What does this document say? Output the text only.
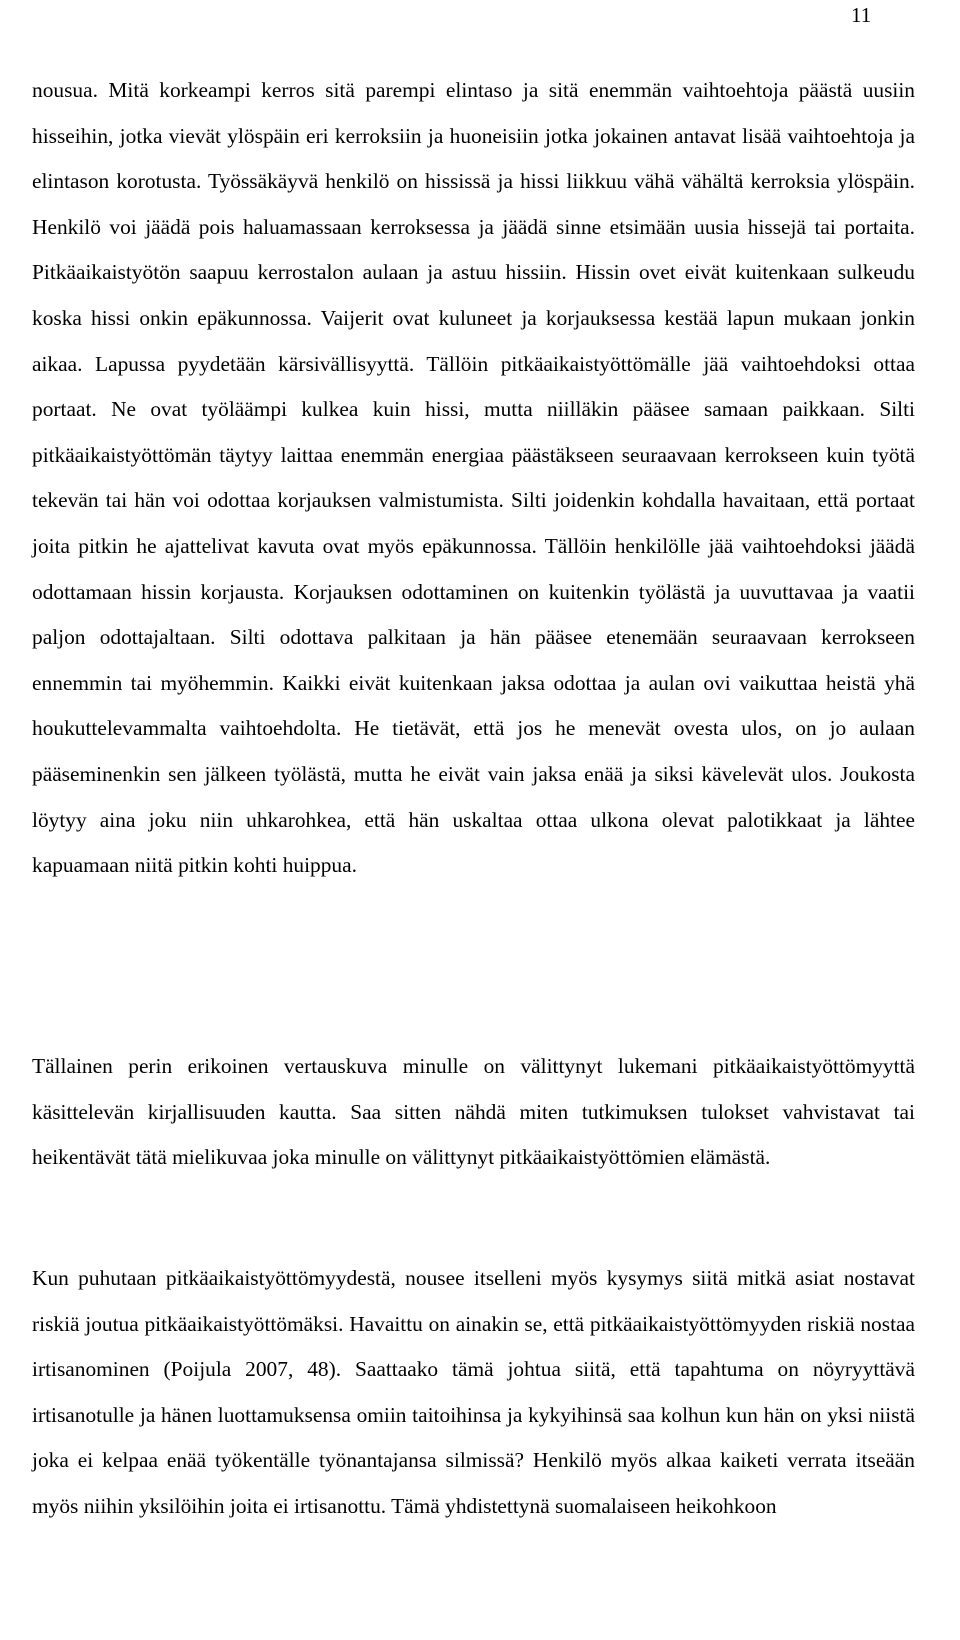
11

nousua. Mitä korkeampi kerros sitä parempi elintaso ja sitä enemmän vaihtoehtoja päästä uusiin hisseihin, jotka vievät ylöspäin eri kerroksiin ja huoneisiin jotka jokainen antavat lisää vaihtoehtoja ja elintason korotusta. Työssäkäyvä henkilö on hississä ja hissi liikkuu vähä vähältä kerroksia ylöspäin. Henkilö voi jäädä pois haluamassaan kerroksessa ja jäädä sinne etsimään uusia hissejä tai portaita. Pitkäaikaistyötön saapuu kerrostalon aulaan ja astuu hissiin. Hissin ovet eivät kuitenkaan sulkeudu koska hissi onkin epäkunnossa. Vaijerit ovat kuluneet ja korjauksessa kestää lapun mukaan jonkin aikaa. Lapussa pyydetään kärsivällisyyttä. Tällöin pitkäaikaistyöttömälle jää vaihtoehdoksi ottaa portaat. Ne ovat työläämpi kulkea kuin hissi, mutta niilläkin pääsee samaan paikkaan. Silti pitkäaikaistyöttömän täytyy laittaa enemmän energiaa päästäkseen seuraavaan kerrokseen kuin työtä tekevän tai hän voi odottaa korjauksen valmistumista. Silti joidenkin kohdalla havaitaan, että portaat joita pitkin he ajattelivat kavuta ovat myös epäkunnossa. Tällöin henkilölle jää vaihtoehdoksi jäädä odottamaan hissin korjausta. Korjauksen odottaminen on kuitenkin työlästä ja uuvuttavaa ja vaatii paljon odottajaltaan. Silti odottava palkitaan ja hän pääsee etenemään seuraavaan kerrokseen ennemmin tai myöhemmin. Kaikki eivät kuitenkaan jaksa odottaa ja aulan ovi vaikuttaa heistä yhä houkuttelevammalta vaihtoehdolta. He tietävät, että jos he menevät ovesta ulos, on jo aulaan pääseminenkin sen jälkeen työlästä, mutta he eivät vain jaksa enää ja siksi kävelevät ulos. Joukosta löytyy aina joku niin uhkarohkea, että hän uskaltaa ottaa ulkona olevat palotikkaat ja lähtee kapuamaan niitä pitkin kohti huippua.

Tällainen perin erikoinen vertauskuva minulle on välittynyt lukemani pitkäaikaistyöttömyyttä käsittelevän kirjallisuuden kautta. Saa sitten nähdä miten tutkimuksen tulokset vahvistavat tai heikentävät tätä mielikuvaa joka minulle on välittynyt pitkäaikaistyöttömien elämästä.

Kun puhutaan pitkäaikaistyöttömyydestä, nousee itselleni myös kysymys siitä mitkä asiat nostavat riskiä joutua pitkäaikaistyöttömäksi. Havaittu on ainakin se, että pitkäaikaistyöttömyyden riskiä nostaa irtisanominen (Poijula 2007, 48). Saattaako tämä johtua siitä, että tapahtuma on nöyryyttävä irtisanotulle ja hänen luottamuksensa omiin taitoihinsa ja kykyihinsä saa kolhun kun hän on yksi niistä joka ei kelpaa enää työkentälle työnantajansa silmissä? Henkilö myös alkaa kaiketi verrata itseään myös niihin yksilöihin joita ei irtisanottu. Tämä yhdistettynä suomalaiseen heikohkoon
